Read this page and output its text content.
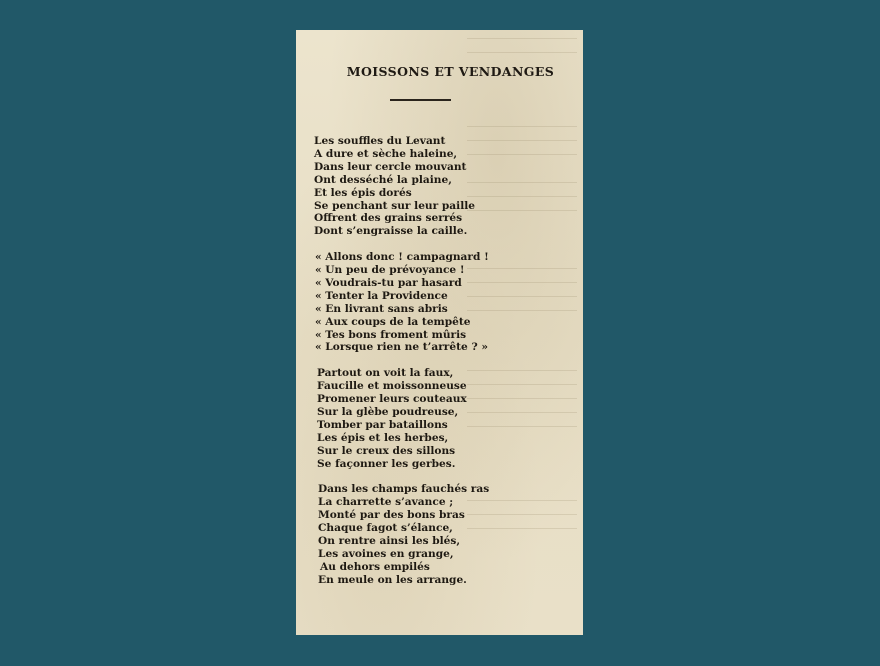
MOISSONS ET VENDANGES
Les souffles du Levant
A dure et sèche haleine,
Dans leur cercle mouvant
Ont desséché la plaine,
Et les épis dorés
Se penchant sur leur paille
Offrent des grains serrés
Dont s’engraisse la caille.
« Allons donc ! campagnard !
« Un peu de prévoyance !
« Voudrais-tu par hasard
« Tenter la Providence
« En livrant sans abris
« Aux coups de la tempête
« Tes bons froment mûris
« Lorsque rien ne t’arrête ? »
Partout on voit la faux,
Faucille et moissonneuse
Promener leurs couteaux
Sur la glèbe poudreuse,
Tomber par bataillons
Les épis et les herbes,
Sur le creux des sillons
Se façonner les gerbes.
Dans les champs fauchés ras
La charrette s’avance ;
Monté par des bons bras
Chaque fagot s’élance,
On rentre ainsi les blés,
Les avoines en grange,
Au dehors empilés
En meule on les arrange.
